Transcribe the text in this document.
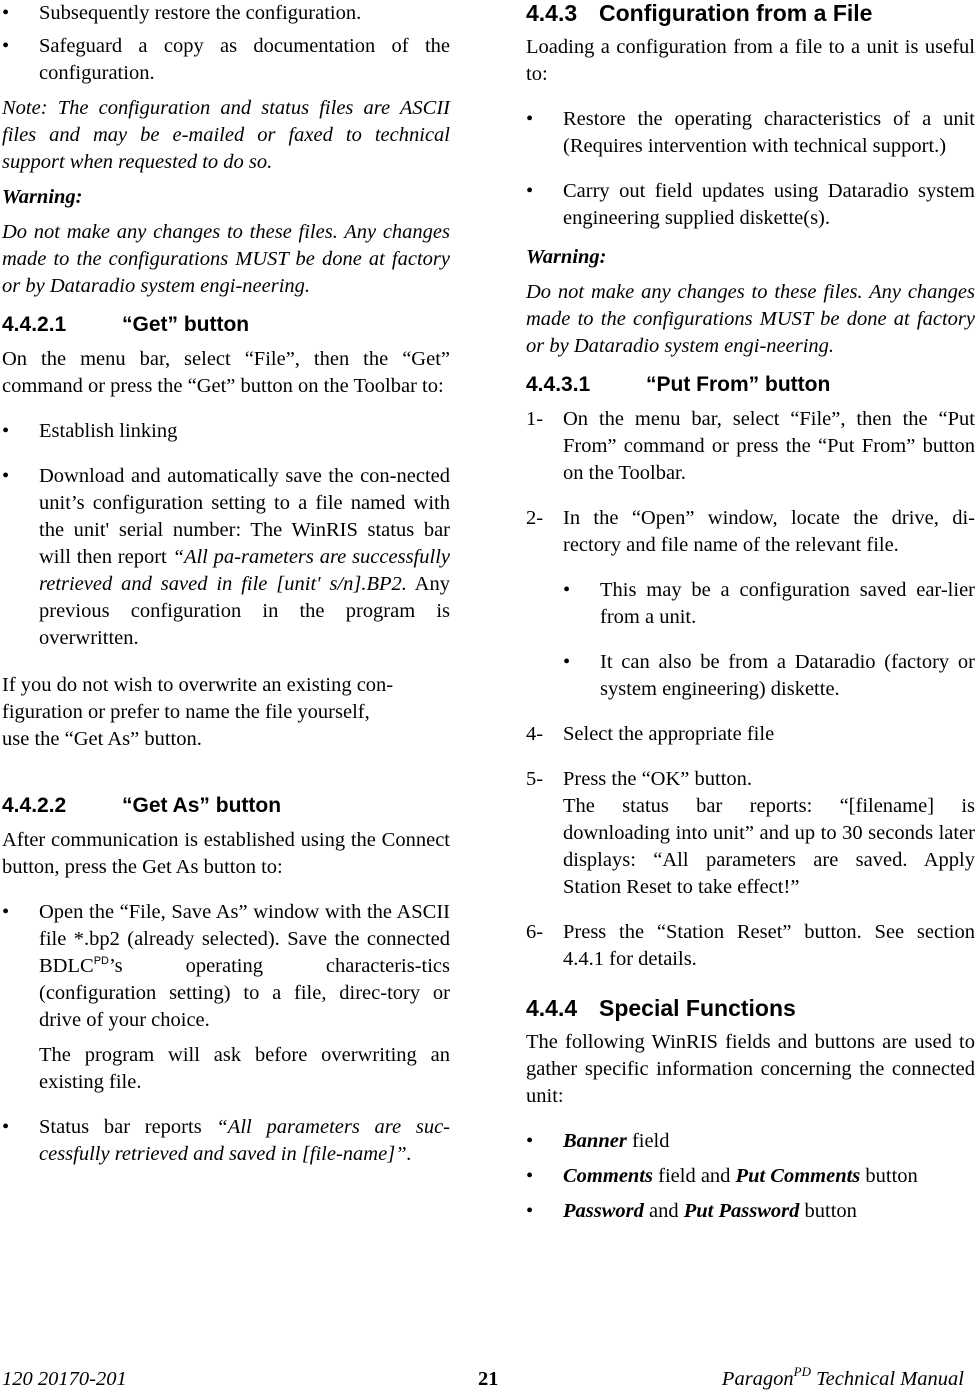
• Subsequently restore the configuration.
• Safeguard a copy as documentation of the configuration.

Note: The configuration and status files are ASCII files and may be e-mailed or faxed to technical support when requested to do so.

Warning:

Do not make any changes to these files. Any changes made to the configurations MUST be done at factory or by Dataradio system engi-neering.

4.4.2.1	“Get” button

On the menu bar, select “File”, then the “Get” command or press the “Get” button on the Toolbar to:

• Establish linking
• Download and automatically save the con-nected unit’s configuration setting to a file named with the unit' serial number: The WinRIS status bar will then report “All pa-rameters are successfully retrieved and saved in file [unit' s/n].BP2. Any previous configuration in the program is overwritten.
If you do not wish to overwrite an existing con-
figuration or prefer to name the file yourself,
use the “Get As” button.
4.4.2.2	“Get As” button

After communication is established using the Connect button, press the Get As button to:

• Open the “File, Save As” window with the ASCII file *.bp2 (already selected). Save the connected $BDLC^{PD}’s$ operating characteris-tics (configuration setting) to a file, direc-tory or drive of your choice.

The program will ask before overwriting an existing file.

• Status bar reports “All parameters are suc-cessfully retrieved and saved in [file-name]”.
4.4.3 Configuration from a File

Loading a configuration from a file to a unit is useful to:

• Restore the operating characteristics of a unit (Requires intervention with technical support.)
• Carry out field updates using Dataradio system engineering supplied diskette(s).

Warning:

Do not make any changes to these files. Any changes made to the configurations MUST be done at factory or by Dataradio system engi-neering.

4.4.3.1	“Put From” button
1- On the menu bar, select “File”, then the “Put From” command or press the “Put From” button on the Toolbar.
2- In the “Open” window, locate the drive, di-rectory and file name of the relevant file.
• This may be a configuration saved ear-lier from a unit.
• It can also be from a Dataradio (factory or system engineering) diskette.
4- Select the appropriate file
5- Press the “OK” button.
The status bar reports: “[filename] is downloading into unit” and up to 30 seconds later displays: “All parameters are saved. Apply Station Reset to take effect!”
6- Press the “Station Reset” button. See section 4.4.1 for details.
4.4.4 Special Functions

The following WinRIS fields and buttons are used to gather specific information concerning the connected unit:

• Banner field
• Comments field and Put Comments button
• Password and Put Password button
120 20170-201	21	Paragon$^{PD}$ Technical Manual
